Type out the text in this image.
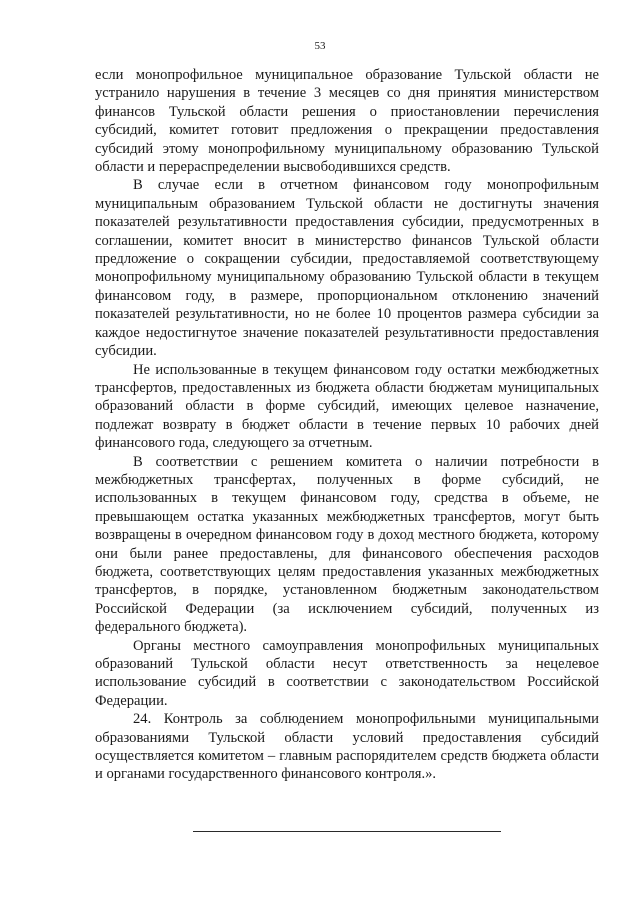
53

если монопрофильное муниципальное образование Тульской области не устранило нарушения в течение 3 месяцев со дня принятия министерством финансов Тульской области решения о приостановлении перечисления субсидий, комитет готовит предложения о прекращении предоставления субсидий этому монопрофильному муниципальному образованию Тульской области и перераспределении высвободившихся средств.

В случае если в отчетном финансовом году монопрофильным муниципальным образованием Тульской области не достигнуты значения показателей результативности предоставления субсидии, предусмотренных в соглашении, комитет вносит в министерство финансов Тульской области предложение о сокращении субсидии, предоставляемой соответствующему монопрофильному муниципальному образованию Тульской области в текущем финансовом году, в размере, пропорциональном отклонению значений показателей результативности, но не более 10 процентов размера субсидии за каждое недостигнутое значение показателей результативности предоставления субсидии.

Не использованные в текущем финансовом году остатки межбюджетных трансфертов, предоставленных из бюджета области бюджетам муниципальных образований области в форме субсидий, имеющих целевое назначение, подлежат возврату в бюджет области в течение первых 10 рабочих дней финансового года, следующего за отчетным.

В соответствии с решением комитета о наличии потребности в межбюджетных трансфертах, полученных в форме субсидий, не использованных в текущем финансовом году, средства в объеме, не превышающем остатка указанных межбюджетных трансфертов, могут быть возвращены в очередном финансовом году в доход местного бюджета, которому они были ранее предоставлены, для финансового обеспечения расходов бюджета, соответствующих целям предоставления указанных межбюджетных трансфертов, в порядке, установленном бюджетным законодательством Российской Федерации (за исключением субсидий, полученных из федерального бюджета).

Органы местного самоуправления монопрофильных муниципальных образований Тульской области несут ответственность за нецелевое использование субсидий в соответствии с законодательством Российской Федерации.

24. Контроль за соблюдением монопрофильными муниципальными образованиями Тульской области условий предоставления субсидий осуществляется комитетом – главным распорядителем средств бюджета области и органами государственного финансового контроля.».
